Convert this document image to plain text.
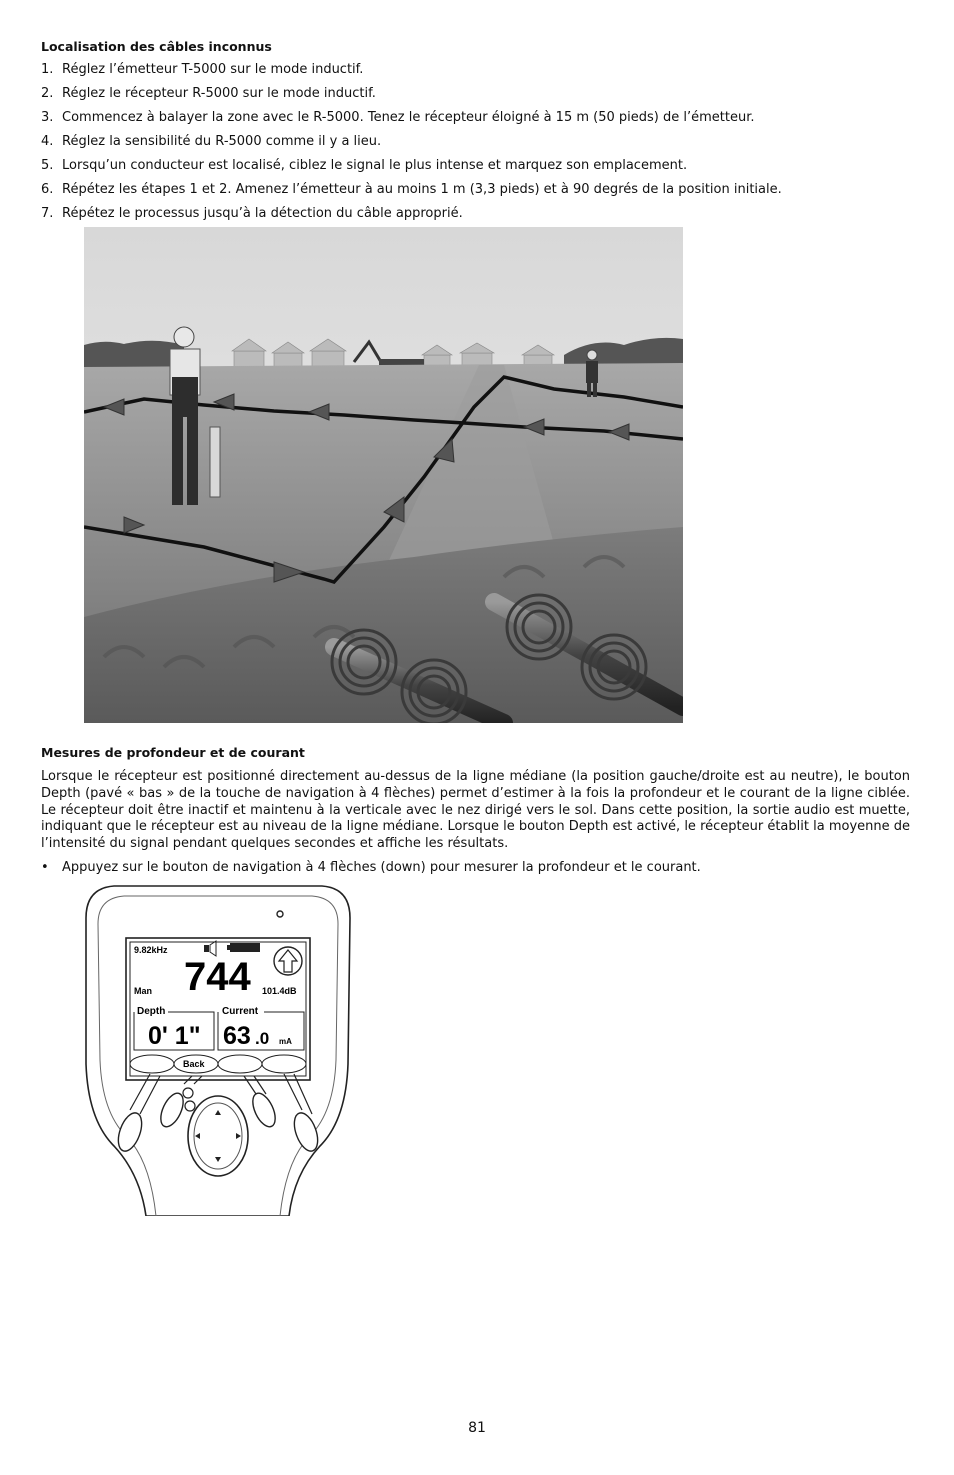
Localisation des câbles inconnus
1. Réglez l’émetteur T-5000 sur le mode inductif.
2. Réglez le récepteur R-5000 sur le mode inductif.
3. Commencez à balayer la zone avec le R-5000. Tenez le récepteur éloigné à 15 m (50 pieds) de l’émetteur.
4. Réglez la sensibilité du R-5000 comme il y a lieu.
5. Lorsqu’un conducteur est localisé, ciblez le signal le plus intense et marquez son emplacement.
6. Répétez les étapes 1 et 2. Amenez l’émetteur à au moins 1 m (3,3 pieds) et à 90 degrés de la position initiale.
7. Répétez le processus jusqu’à la détection du câble approprié.
Mesures de profondeur et de courant

Lorsque le récepteur est positionné directement au-dessus de la ligne médiane (la position gauche/droite est au neutre), le bouton Depth (pavé « bas » de la touche de navigation à 4 flèches) permet d’estimer à la fois la profondeur et le courant de la ligne ciblée. Le récepteur doit être inactif et maintenu à la verticale avec le nez dirigé vers le sol. Dans cette position, la sortie audio est muette, indiquant que le récepteur est au niveau de la ligne médiane. Lorsque le bouton Depth est activé, le récepteur établit la moyenne de l’intensité du signal pendant quelques secondes et affiche les résultats.

• Appuyez sur le bouton de navigation à 4 flèches (down) pour mesurer la profondeur et le courant.
9.82kHz
744
Man	101.4dB
Depth
0' 1"
Current
63 .0 mA
Back
81
